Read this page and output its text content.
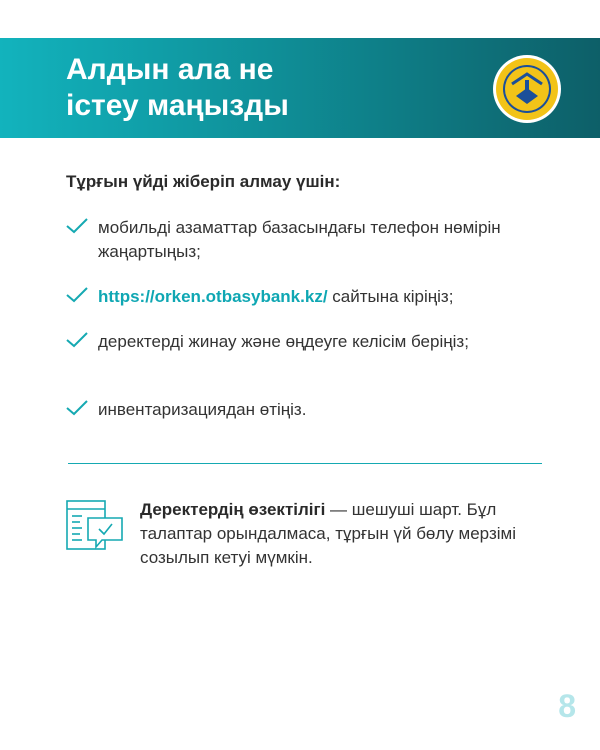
Алдын ала не
істеу маңызды
Тұрғын үйді жіберіп алмау үшін:
мобильді азаматтар базасындағы телефон нөмірін жаңартыңыз;
https://orken.otbasybank.kz/ сайтына кіріңіз;
деректерді жинау және өңдеуге келісім беріңіз;
инвентаризациядан өтіңіз.
Деректердің өзектілігі — шешуші шарт. Бұл талаптар орындалмаса, тұрғын үй бөлу мерзімі созылып кетуі мүмкін.
8
